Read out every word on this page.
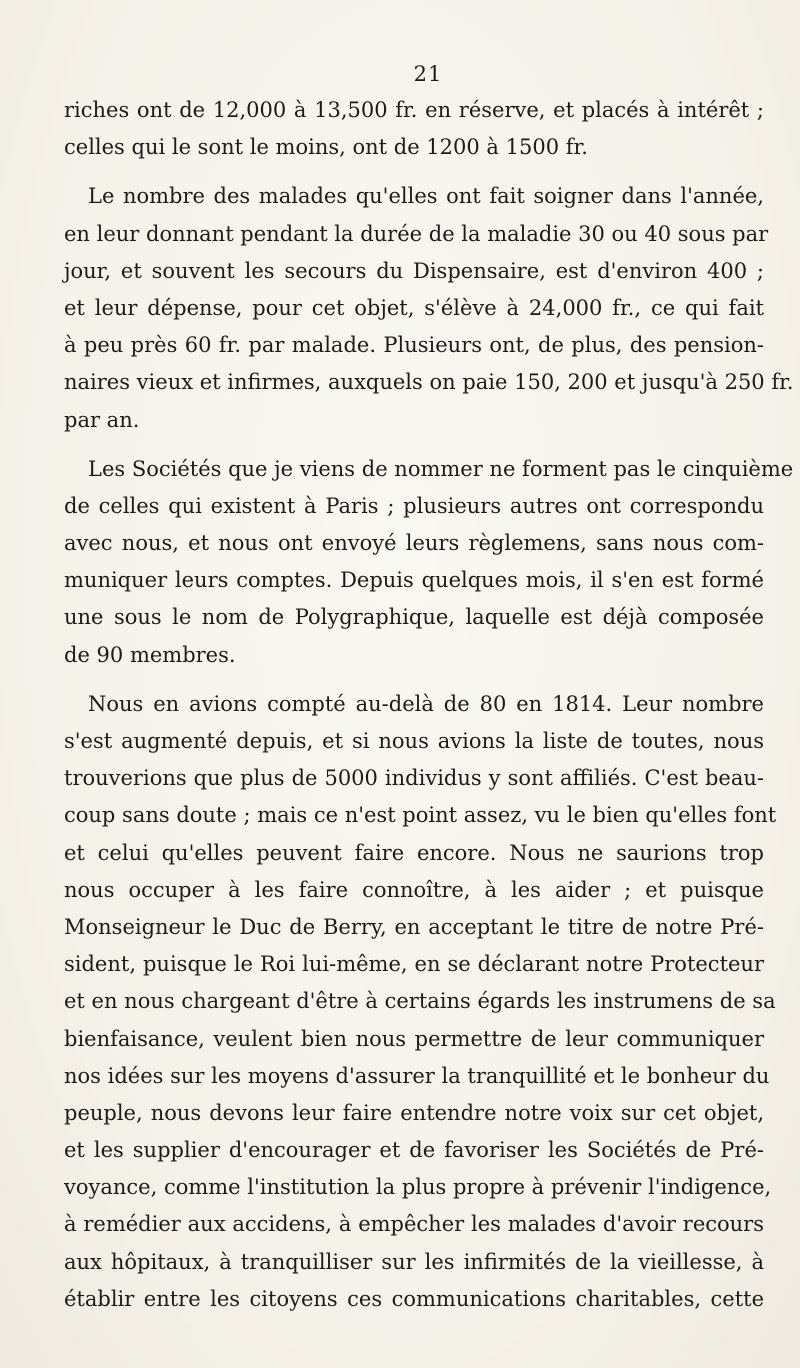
21
riches ont de 12,000 à 13,500 fr. en réserve, et placés à intérêt ;
celles qui le sont le moins, ont de 1200 à 1500 fr.
Le nombre des malades qu'elles ont fait soigner dans l'année,
en leur donnant pendant la durée de la maladie 30 ou 40 sous par
jour, et souvent les secours du Dispensaire, est d'environ 400 ;
et leur dépense, pour cet objet, s'élève à 24,000 fr., ce qui fait
à peu près 60 fr. par malade. Plusieurs ont, de plus, des pension-
naires vieux et infirmes, auxquels on paie 150, 200 et jusqu'à 250 fr.
par an.
Les Sociétés que je viens de nommer ne forment pas le cinquième
de celles qui existent à Paris ; plusieurs autres ont correspondu
avec nous, et nous ont envoyé leurs règlemens, sans nous com-
muniquer leurs comptes. Depuis quelques mois, il s'en est formé
une sous le nom de Polygraphique, laquelle est déjà composée
de 90 membres.
Nous en avions compté au-delà de 80 en 1814. Leur nombre
s'est augmenté depuis, et si nous avions la liste de toutes, nous
trouverions que plus de 5000 individus y sont affiliés. C'est beau-
coup sans doute ; mais ce n'est point assez, vu le bien qu'elles font
et celui qu'elles peuvent faire encore. Nous ne saurions trop
nous occuper à les faire connoître, à les aider ; et puisque
Monseigneur le Duc de Berry, en acceptant le titre de notre Pré-
sident, puisque le Roi lui-même, en se déclarant notre Protecteur
et en nous chargeant d'être à certains égards les instrumens de sa
bienfaisance, veulent bien nous permettre de leur communiquer
nos idées sur les moyens d'assurer la tranquillité et le bonheur du
peuple, nous devons leur faire entendre notre voix sur cet objet,
et les supplier d'encourager et de favoriser les Sociétés de Pré-
voyance, comme l'institution la plus propre à prévenir l'indigence,
à remédier aux accidens, à empêcher les malades d'avoir recours
aux hôpitaux, à tranquilliser sur les infirmités de la vieillesse, à
établir entre les citoyens ces communications charitables, cette
